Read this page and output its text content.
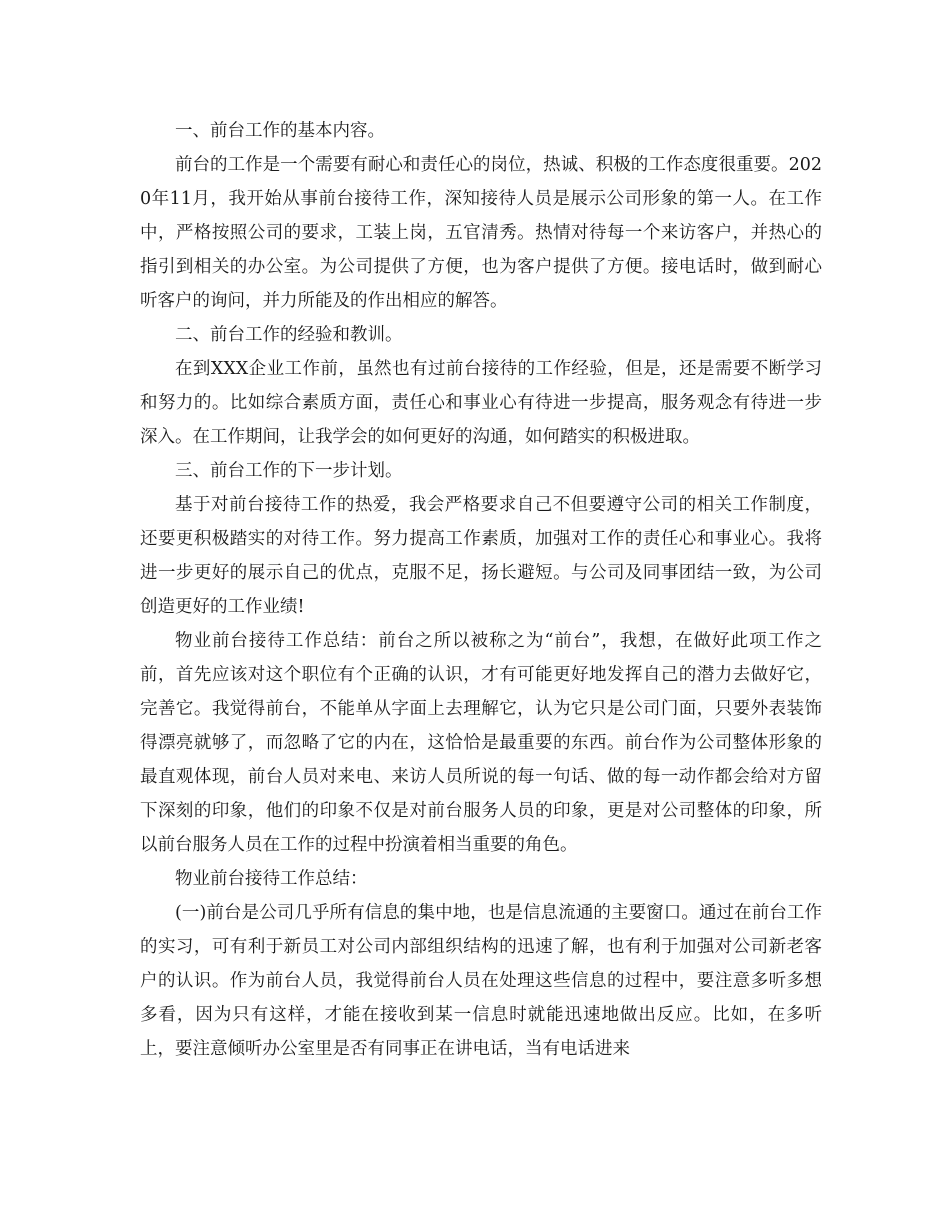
一、前台工作的基本内容。

前台的工作是一个需要有耐心和责任心的岗位，热诚、积极的工作态度很重要。2020年11月，我开始从事前台接待工作，深知接待人员是展示公司形象的第一人。在工作中，严格按照公司的要求，工装上岗，五官清秀。热情对待每一个来访客户，并热心的指引到相关的办公室。为公司提供了方便，也为客户提供了方便。接电话时，做到耐心听客户的询问，并力所能及的作出相应的解答。

二、前台工作的经验和教训。

在到XXX企业工作前，虽然也有过前台接待的工作经验，但是，还是需要不断学习和努力的。比如综合素质方面，责任心和事业心有待进一步提高，服务观念有待进一步深入。在工作期间，让我学会的如何更好的沟通，如何踏实的积极进取。

三、前台工作的下一步计划。

基于对前台接待工作的热爱，我会严格要求自己不但要遵守公司的相关工作制度，还要更积极踏实的对待工作。努力提高工作素质，加强对工作的责任心和事业心。我将进一步更好的展示自己的优点，克服不足，扬长避短。与公司及同事团结一致，为公司创造更好的工作业绩!

物业前台接待工作总结：前台之所以被称之为“前台”，我想，在做好此项工作之前，首先应该对这个职位有个正确的认识，才有可能更好地发挥自己的潜力去做好它，完善它。我觉得前台，不能单从字面上去理解它，认为它只是公司门面，只要外表装饰得漂亮就够了，而忽略了它的内在，这恰恰是最重要的东西。前台作为公司整体形象的最直观体现，前台人员对来电、来访人员所说的每一句话、做的每一动作都会给对方留下深刻的印象，他们的印象不仅是对前台服务人员的印象，更是对公司整体的印象，所以前台服务人员在工作的过程中扮演着相当重要的角色。

物业前台接待工作总结：

(一)前台是公司几乎所有信息的集中地，也是信息流通的主要窗口。通过在前台工作的实习，可有利于新员工对公司内部组织结构的迅速了解，也有利于加强对公司新老客户的认识。作为前台人员，我觉得前台人员在处理这些信息的过程中，要注意多听多想多看，因为只有这样，才能在接收到某一信息时就能迅速地做出反应。比如，在多听上，要注意倾听办公室里是否有同事正在讲电话，当有电话进来
